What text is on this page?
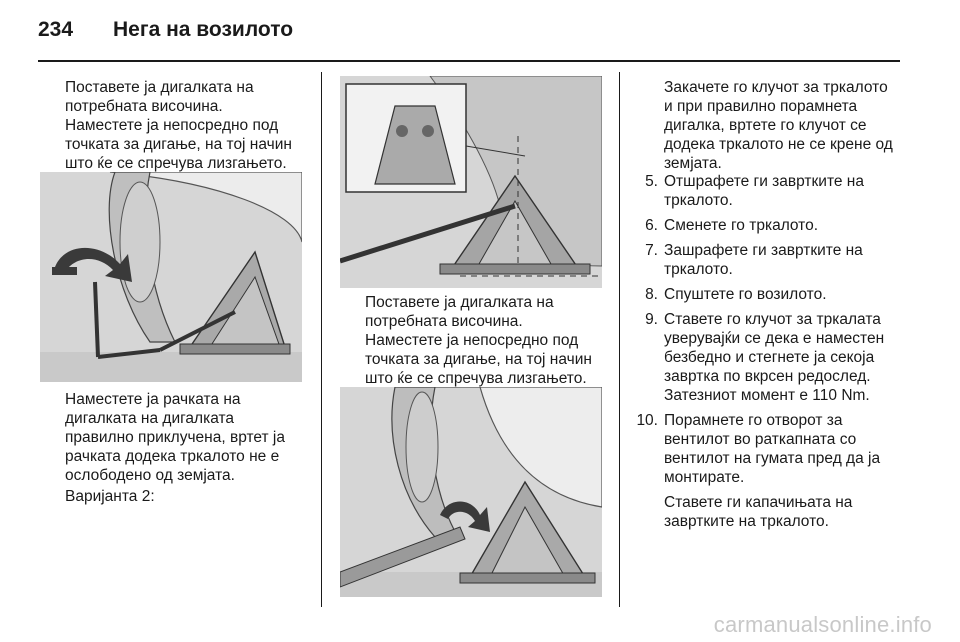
234 Нега на возилото

Поставете ја дигалката на

потребната височина.

Наместете ја непосредно под

точката за дигање, на тој начин

што ќе се спречува лизгањето.

Наместете ја рачката на

дигалката на дигалката

правилно приклучена, вртет ја

рачката додека тркалото не е

ослободено од земјата.

Варијанта 2:

Поставете ја дигалката на

потребната височина.

Наместете ја непосредно под

точката за дигање, на тој начин

што ќе се спречува лизгањето.

Закачете го клучот за тркалото

и при правилно порамнета

дигалка, вртете го клучот се

додека тркалото не се крене од

земјата.

5. Отшрафете ги завртките на

тркалото.

6. Сменете го тркалото.

7. Зашрафете ги завртките на

тркалото.

8. Спуштете го возилото.

9. Ставете го клучот за тркалата

уверувајќи се дека е наместен

безбедно и стегнете ја секоја

завртка по вкрсен редослед.

Затезниот момент е 110 Nm.

10. Порамнете го отворот за

вентилот во раткапната со

вентилот на гумата пред да ја

монтирате.

Ставете ги капачињата на

завртките на тркалото.

carmanualsonline.info
